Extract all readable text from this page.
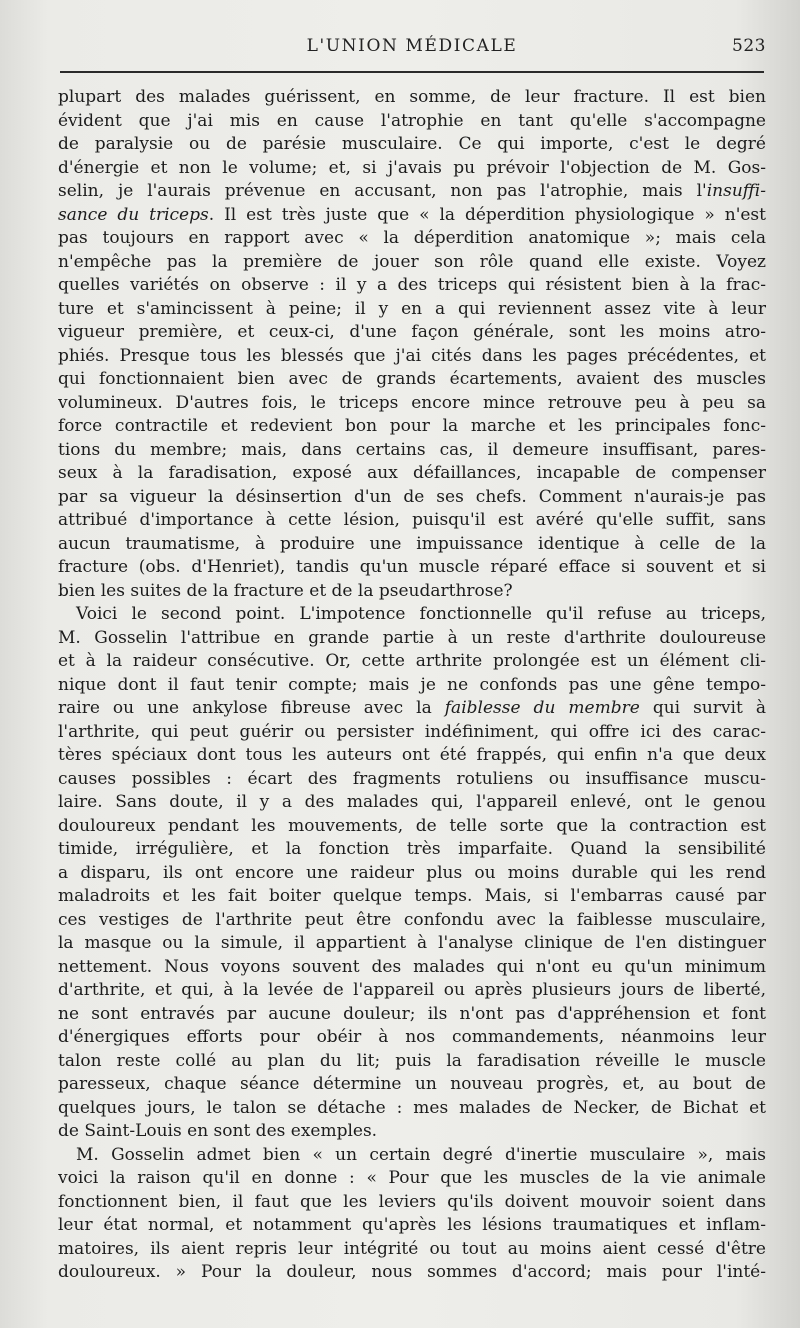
L'UNION MÉDICALE	523

plupart des malades guérissent, en somme, de leur fracture. Il est bien
évident que j'ai mis en cause l'atrophie en tant qu'elle s'accompagne
de paralysie ou de parésie musculaire. Ce qui importe, c'est le degré
d'énergie et non le volume; et, si j'avais pu prévoir l'objection de M. Gos-
selin, je l'aurais prévenue en accusant, non pas l'atrophie, mais l'insuffi-
sance du triceps. Il est très juste que « la déperdition physiologique » n'est
pas toujours en rapport avec « la déperdition anatomique »; mais cela
n'empêche pas la première de jouer son rôle quand elle existe. Voyez
quelles variétés on observe : il y a des triceps qui résistent bien à la frac-
ture et s'amincissent à peine; il y en a qui reviennent assez vite à leur
vigueur première, et ceux-ci, d'une façon générale, sont les moins atro-
phiés. Presque tous les blessés que j'ai cités dans les pages précédentes, et
qui fonctionnaient bien avec de grands écartements, avaient des muscles
volumineux. D'autres fois, le triceps encore mince retrouve peu à peu sa
force contractile et redevient bon pour la marche et les principales fonc-
tions du membre; mais, dans certains cas, il demeure insuffisant, pares-
seux à la faradisation, exposé aux défaillances, incapable de compenser
par sa vigueur la désinsertion d'un de ses chefs. Comment n'aurais-je pas
attribué d'importance à cette lésion, puisqu'il est avéré qu'elle suffit, sans
aucun traumatisme, à produire une impuissance identique à celle de la
fracture (obs. d'Henriet), tandis qu'un muscle réparé efface si souvent et si
bien les suites de la fracture et de la pseudarthrose?

Voici le second point. L'impotence fonctionnelle qu'il refuse au triceps,
M. Gosselin l'attribue en grande partie à un reste d'arthrite douloureuse
et à la raideur consécutive. Or, cette arthrite prolongée est un élément cli-
nique dont il faut tenir compte; mais je ne confonds pas une gêne tempo-
raire ou une ankylose fibreuse avec la faiblesse du membre qui survit à
l'arthrite, qui peut guérir ou persister indéfiniment, qui offre ici des carac-
tères spéciaux dont tous les auteurs ont été frappés, qui enfin n'a que deux
causes possibles : écart des fragments rotuliens ou insuffisance muscu-
laire. Sans doute, il y a des malades qui, l'appareil enlevé, ont le genou
douloureux pendant les mouvements, de telle sorte que la contraction est
timide, irrégulière, et la fonction très imparfaite. Quand la sensibilité
a disparu, ils ont encore une raideur plus ou moins durable qui les rend
maladroits et les fait boiter quelque temps. Mais, si l'embarras causé par
ces vestiges de l'arthrite peut être confondu avec la faiblesse musculaire,
la masque ou la simule, il appartient à l'analyse clinique de l'en distinguer
nettement. Nous voyons souvent des malades qui n'ont eu qu'un minimum
d'arthrite, et qui, à la levée de l'appareil ou après plusieurs jours de liberté,
ne sont entravés par aucune douleur; ils n'ont pas d'appréhension et font
d'énergiques efforts pour obéir à nos commandements, néanmoins leur
talon reste collé au plan du lit; puis la faradisation réveille le muscle
paresseux, chaque séance détermine un nouveau progrès, et, au bout de
quelques jours, le talon se détache : mes malades de Necker, de Bichat et
de Saint-Louis en sont des exemples.

M. Gosselin admet bien « un certain degré d'inertie musculaire », mais
voici la raison qu'il en donne : « Pour que les muscles de la vie animale
fonctionnent bien, il faut que les leviers qu'ils doivent mouvoir soient dans
leur état normal, et notamment qu'après les lésions traumatiques et inflam-
matoires, ils aient repris leur intégrité ou tout au moins aient cessé d'être
douloureux. » Pour la douleur, nous sommes d'accord; mais pour l'inté-
